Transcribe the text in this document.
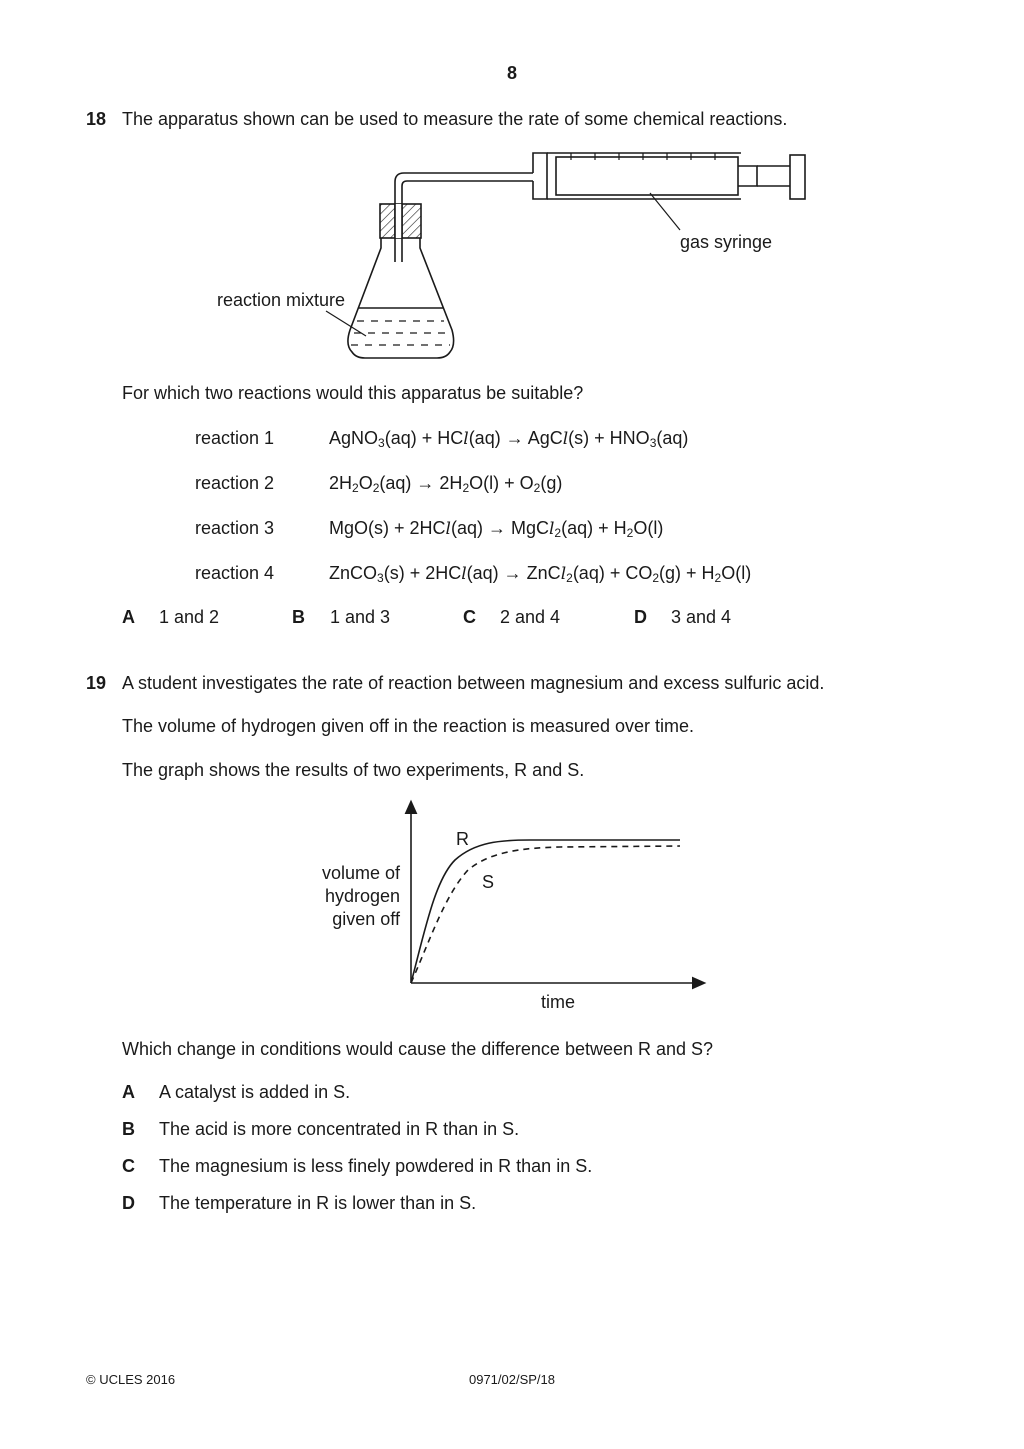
8
18 The apparatus shown can be used to measure the rate of some chemical reactions.
gas syringe
reaction mixture
For which two reactions would this apparatus be suitable?
reaction 1	AgNO$_3$(aq) + HCl(aq) → AgCl(s) + $HNO_3(aq)$
reaction 2	$2H_2O_2(aq) \to 2H_2O(l) + O_2(g)$
reaction 3	MgO(s) + 2HCl(aq) → MgCl$_2$(aq) + $H_2O(l)$
reaction 4	ZnCO$_3$(s) + 2HCl(aq) → ZnCl$_2$(aq) + $CO_2(g) + H_2O(l)$
A 1 and 2	B 1 and 3	C 2 and 4	D 3 and 4
19 A student investigates the rate of reaction between magnesium and excess sulfuric acid.
The volume of hydrogen given off in the reaction is measured over time.
The graph shows the results of two experiments, R and S.
R
S
volume of
hydrogen
given off
time
Which change in conditions would cause the difference between R and S?
A A catalyst is added in S.
B The acid is more concentrated in R than in S.
C The magnesium is less finely powdered in R than in S.
D The temperature in R is lower than in S.
© UCLES 2016	0971/02/SP/18
